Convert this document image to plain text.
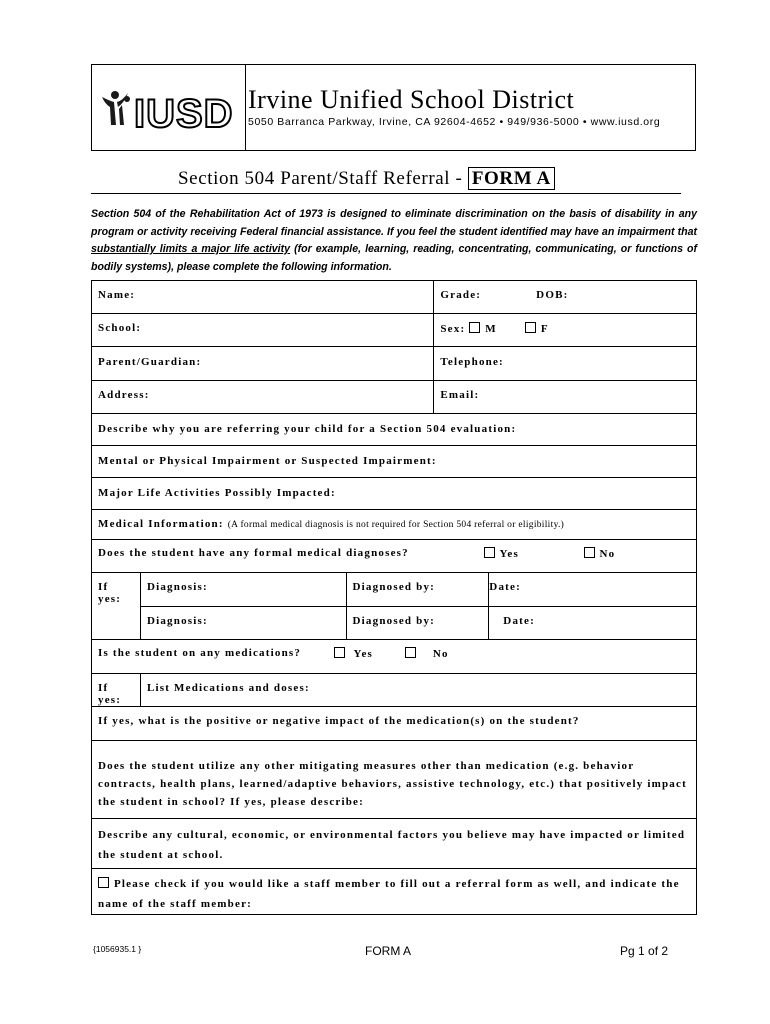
IUSD Irvine Unified School District
5050 Barranca Parkway, Irvine, CA 92604-4652 • 949/936-5000 • www.iusd.org
Section 504 Parent/Staff Referral - FORM A
Section 504 of the Rehabilitation Act of 1973 is designed to eliminate discrimination on the basis of disability in any program or activity receiving Federal financial assistance. If you feel the student identified may have an impairment that substantially limits a major life activity (for example, learning, reading, concentrating, communicating, or functions of bodily systems), please complete the following information.
Name:			Grade: DOB:	
School:			Sex: M F	
Parent/Guardian:			Telephone:	
Address:			Email:	
Describe why you are referring your child for a Section 504 evaluation:				
Mental or Physical Impairment or Suspected Impairment:				
Major Life Activities Possibly Impacted:				
Medical Information: (A formal medical diagnosis is not required for Section 504 referral or eligibility.)				
Does the student have any formal medical diagnoses? Yes No				

If yes:	Diagnosis:	Diagnosed by:		Date:
	Diagnosis:	Diagnosed by:		Date:
Is the student on any medications? Yes No				

If yes:	List Medications and doses:			
If yes, what is the positive or negative impact of the medication(s) on the student?				
Does the student utilize any other mitigating measures other than medication (e.g. behavior contracts, health plans, learned/adaptive behaviors, assistive technology, etc.) that positively impact the student in school? If yes, please describe:				
Describe any cultural, economic, or environmental factors you believe may have impacted or limited the student at school.				
Please check if you would like a staff member to fill out a referral form as well, and indicate the name of the staff member:				
{1056935.1 }	FORM A	Pg 1 of 2
